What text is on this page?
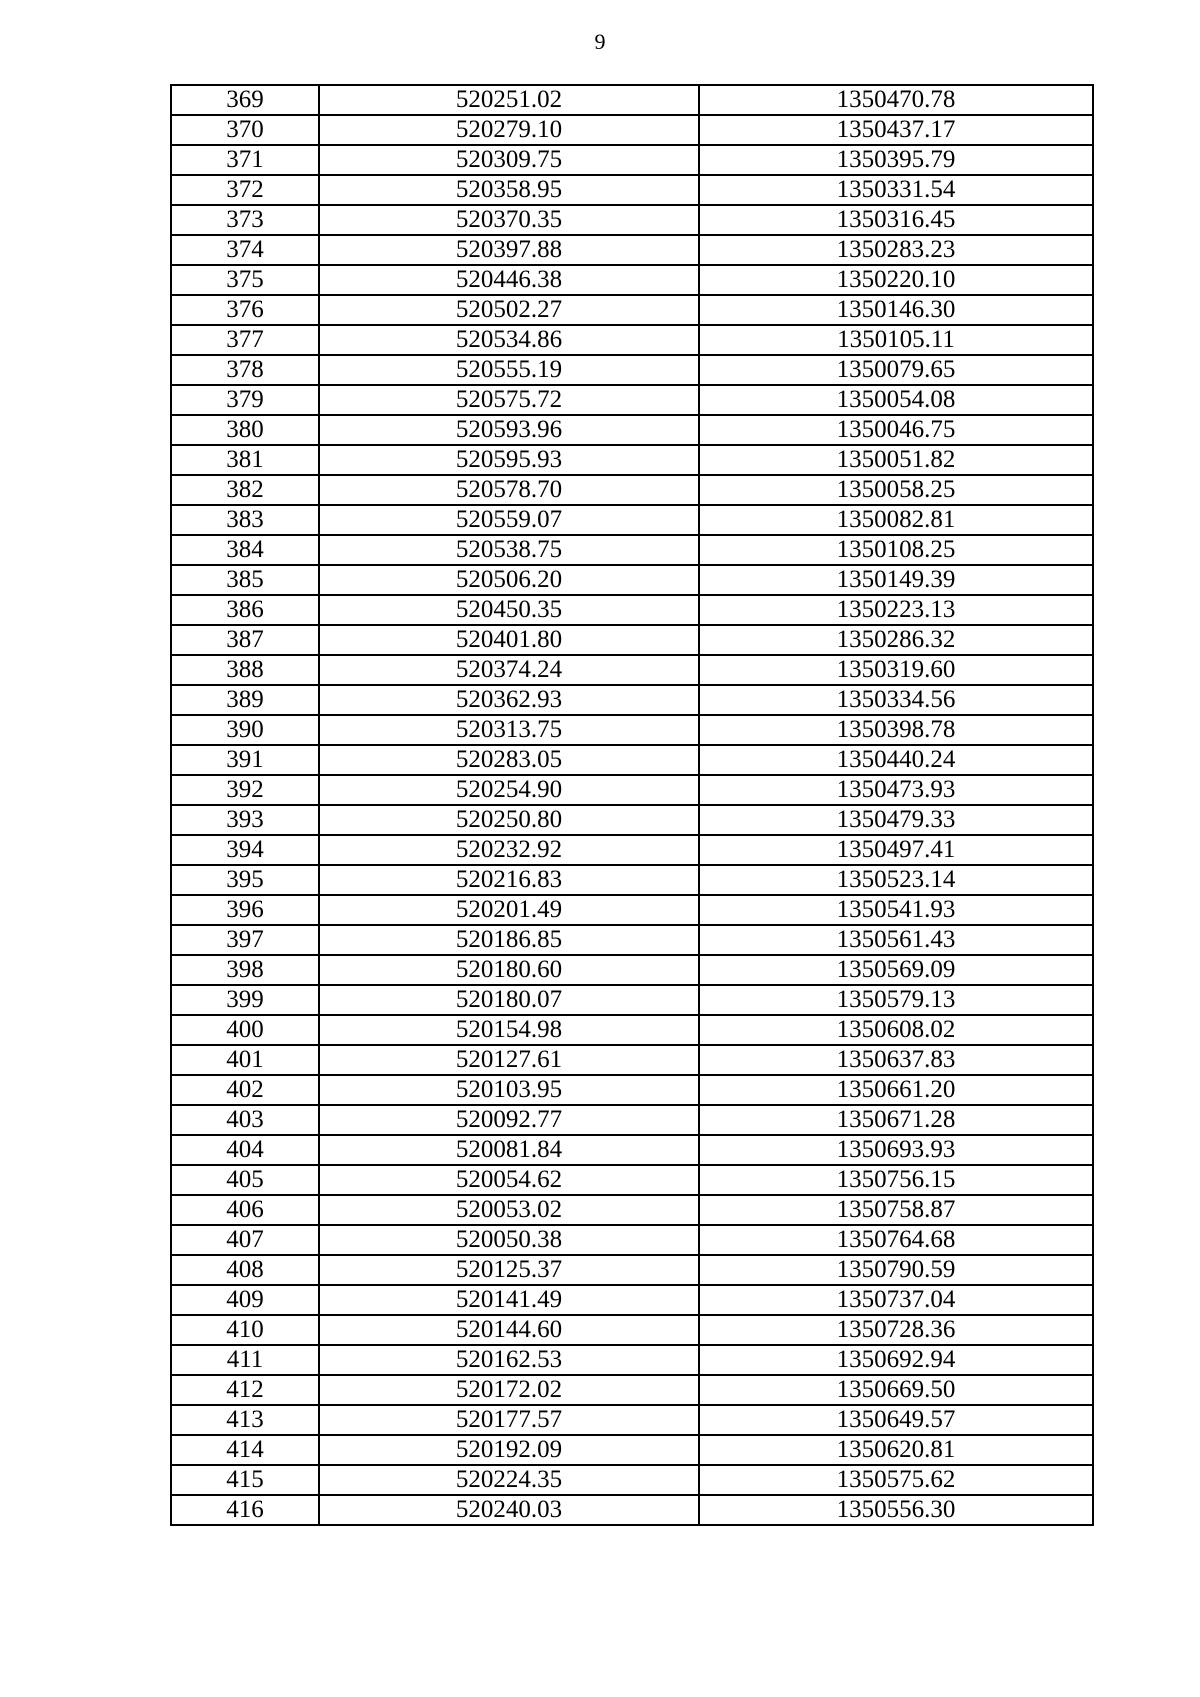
9
369	520251.02	1350470.78
370	520279.10	1350437.17
371	520309.75	1350395.79
372	520358.95	1350331.54
373	520370.35	1350316.45
374	520397.88	1350283.23
375	520446.38	1350220.10
376	520502.27	1350146.30
377	520534.86	1350105.11
378	520555.19	1350079.65
379	520575.72	1350054.08
380	520593.96	1350046.75
381	520595.93	1350051.82
382	520578.70	1350058.25
383	520559.07	1350082.81
384	520538.75	1350108.25
385	520506.20	1350149.39
386	520450.35	1350223.13
387	520401.80	1350286.32
388	520374.24	1350319.60
389	520362.93	1350334.56
390	520313.75	1350398.78
391	520283.05	1350440.24
392	520254.90	1350473.93
393	520250.80	1350479.33
394	520232.92	1350497.41
395	520216.83	1350523.14
396	520201.49	1350541.93
397	520186.85	1350561.43
398	520180.60	1350569.09
399	520180.07	1350579.13
400	520154.98	1350608.02
401	520127.61	1350637.83
402	520103.95	1350661.20
403	520092.77	1350671.28
404	520081.84	1350693.93
405	520054.62	1350756.15
406	520053.02	1350758.87
407	520050.38	1350764.68
408	520125.37	1350790.59
409	520141.49	1350737.04
410	520144.60	1350728.36
411	520162.53	1350692.94
412	520172.02	1350669.50
413	520177.57	1350649.57
414	520192.09	1350620.81
415	520224.35	1350575.62
416	520240.03	1350556.30
